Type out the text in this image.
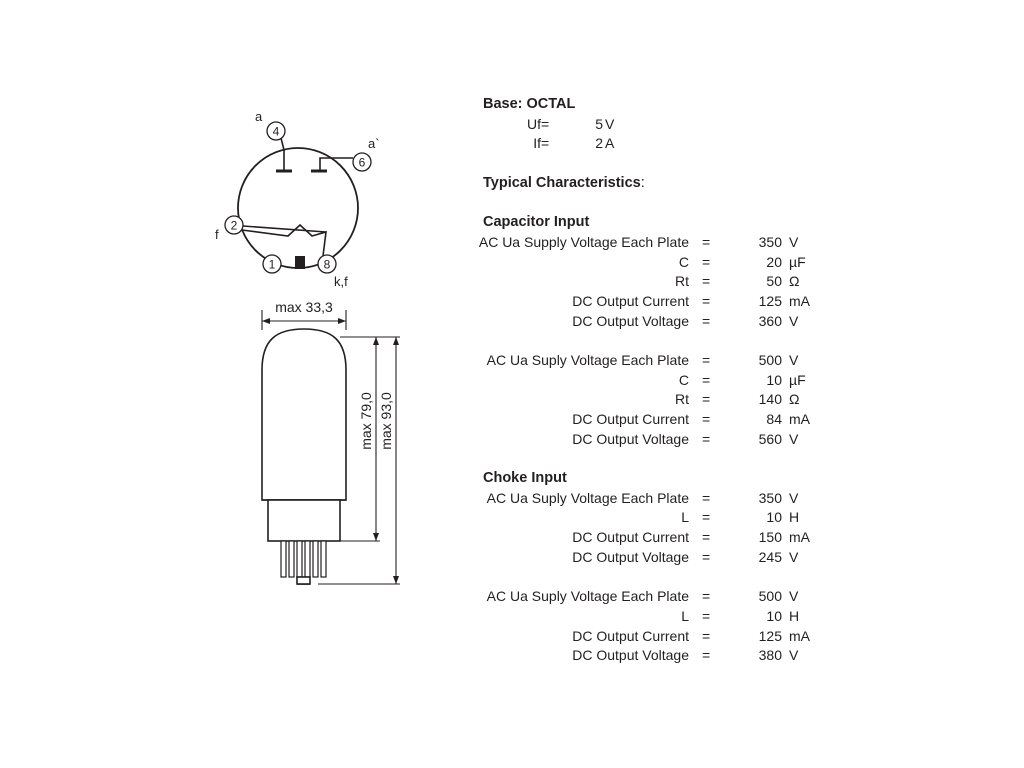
4
6
2
1	8
a
a`
f
k,f
max 33,3
max 79,0 max 93,0
Base: OCTAL
Uf =	5 V
If =	2 A
Typical Characteristics:
Capacitor Input
AC Ua Supply Voltage Each Plate =	350 V
C =	20 µF
Rt =	50 Ω
DC Output Current =	125 mA
DC Output Voltage =	360 V
AC Ua Suply Voltage Each Plate =	500 V
C =	10 µF
Rt =	140 Ω
DC Output Current =	84 mA
DC Output Voltage =	560 V
Choke Input
AC Ua Suply Voltage Each Plate =	350 V
L =	10 H
DC Output Current =	150 mA
DC Output Voltage =	245 V
AC Ua Suply Voltage Each Plate =	500 V
L =	10 H
DC Output Current =	125 mA
DC Output Voltage =	380 V
